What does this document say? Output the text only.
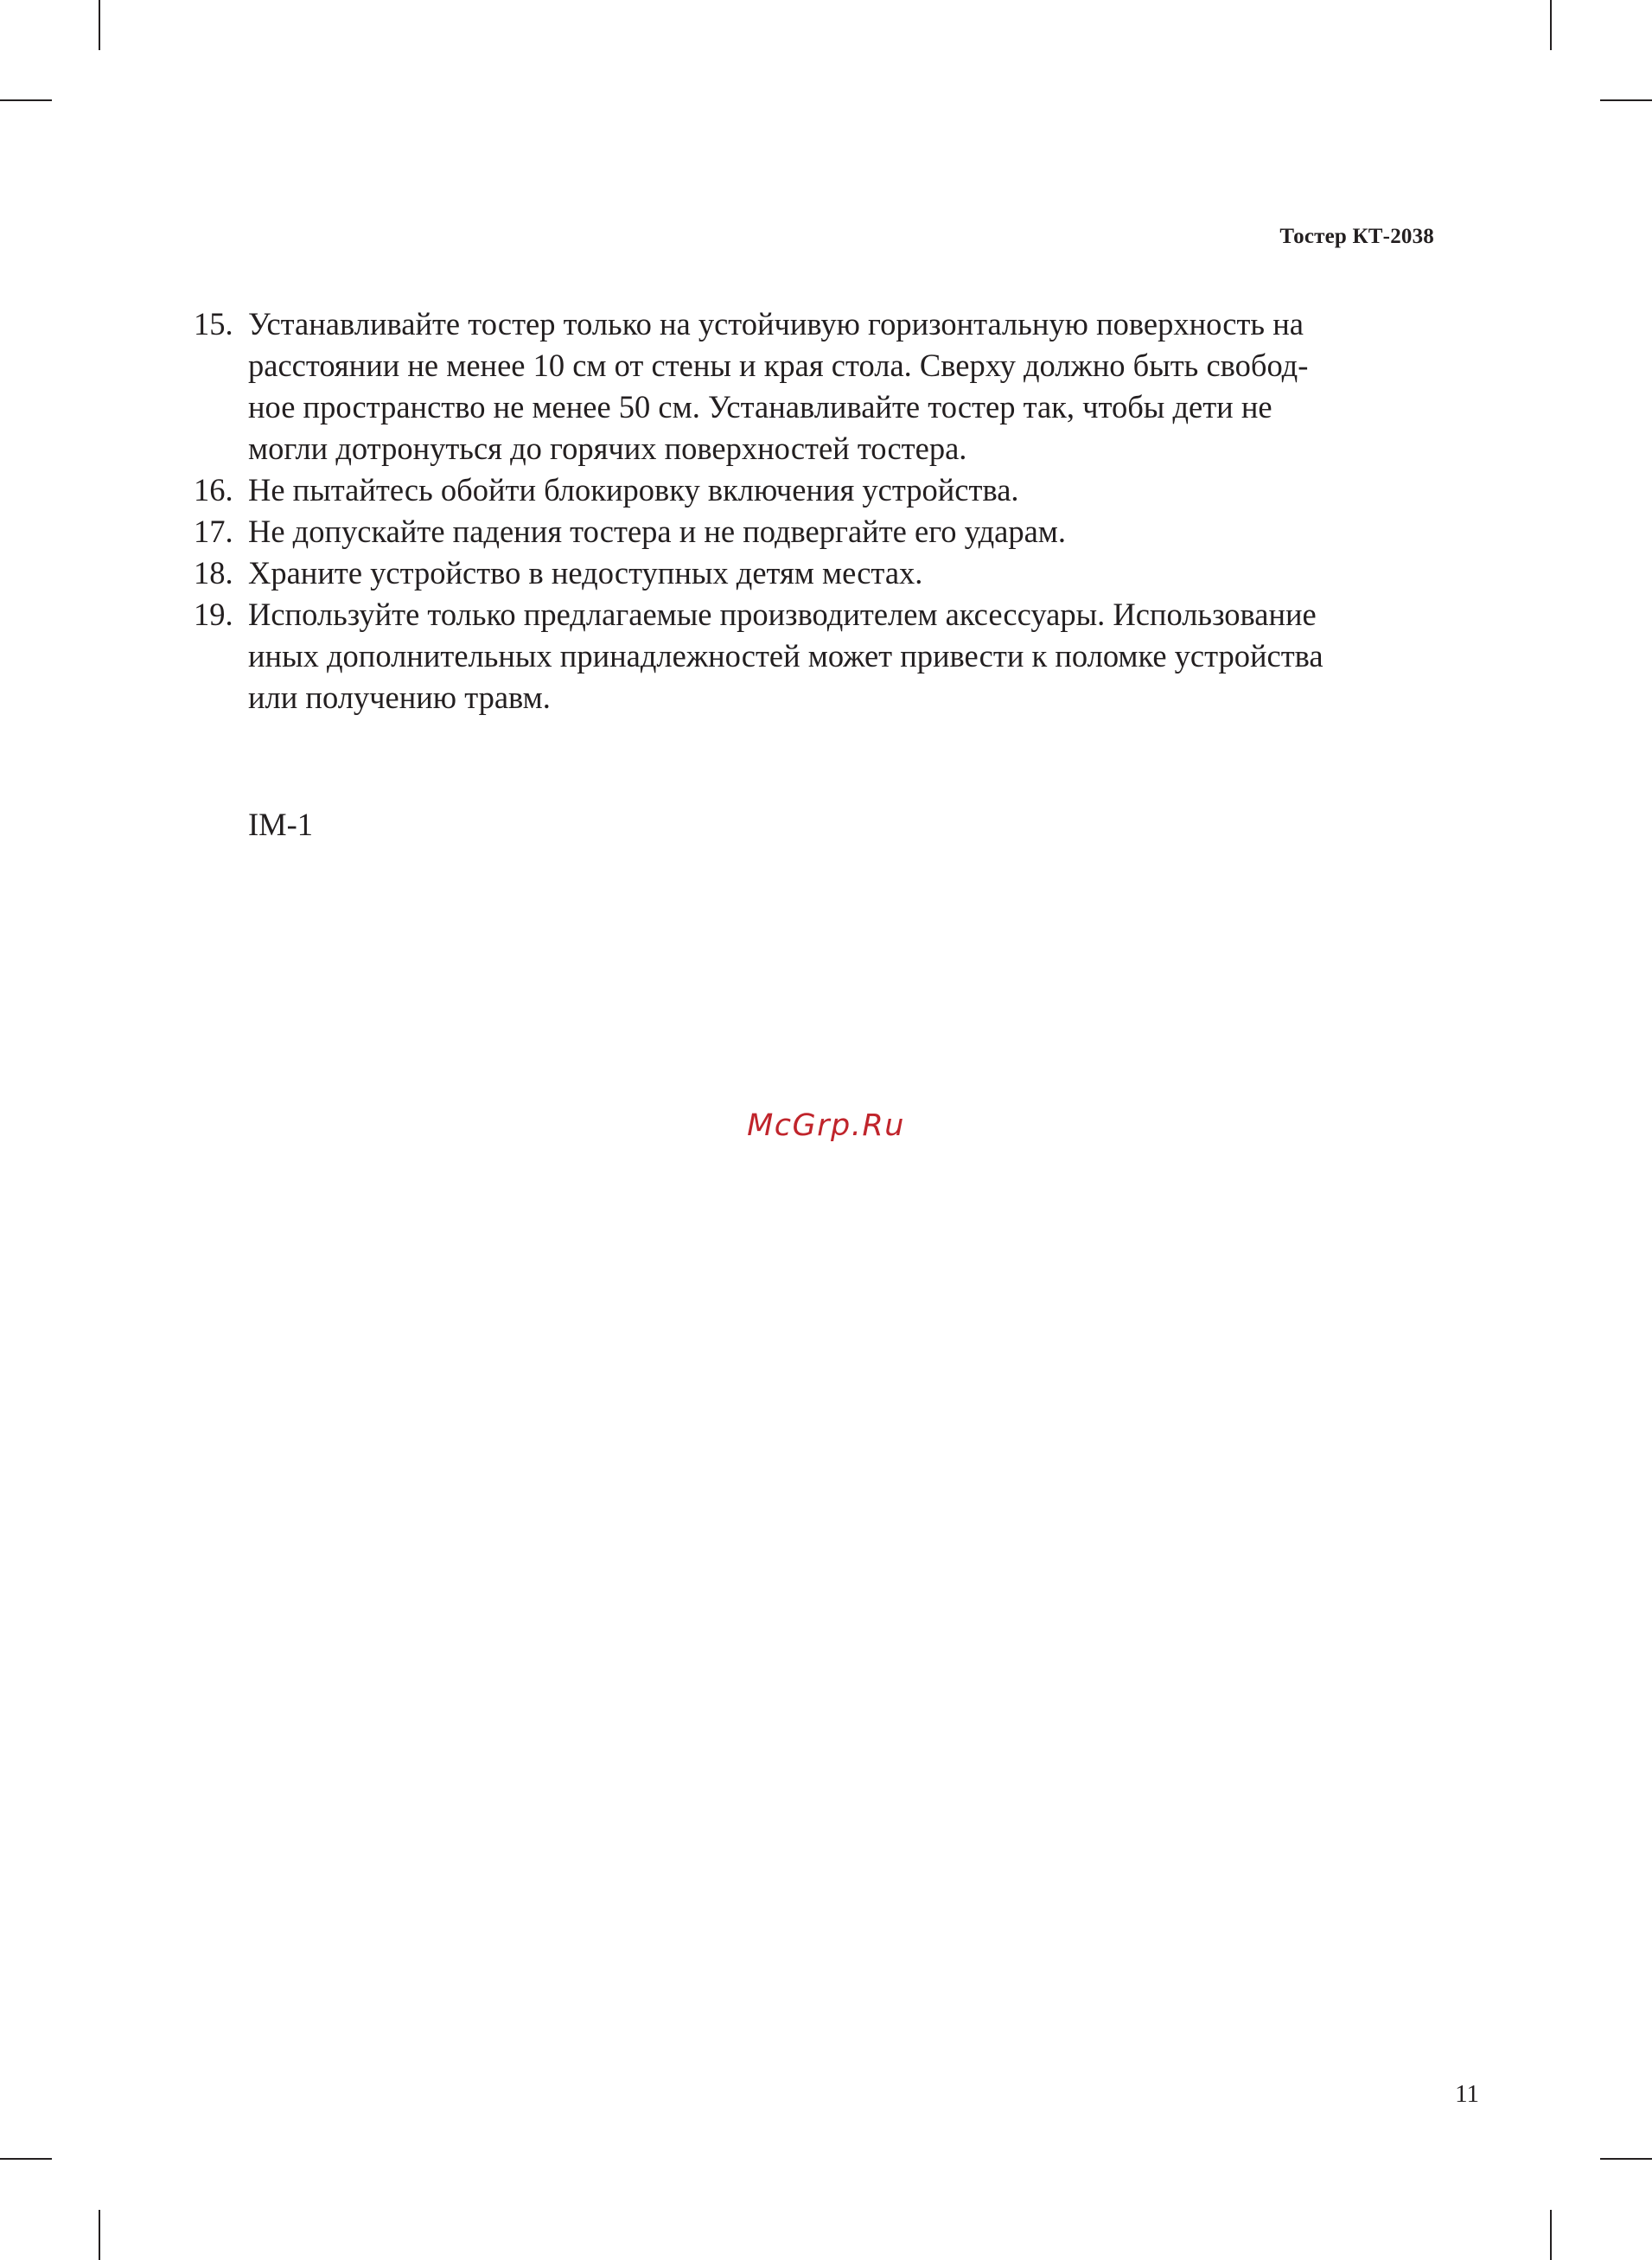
Тостер КТ-2038
15. Устанавливайте тостер только на устойчивую горизонтальную поверхность на
расстоянии не менее 10 см от стены и края стола. Сверху должно быть свобод-
ное пространство не менее 50 см. Устанавливайте тостер так, чтобы дети не
могли дотронуться до горячих поверхностей тостера.
16. Не пытайтесь обойти блокировку включения устройства.
17. Не допускайте падения тостера и не подвергайте его ударам.
18. Храните устройство в недоступных детям местах.
19. Используйте только предлагаемые производителем аксессуары. Использование
иных дополнительных принадлежностей может привести к поломке устройства
или получению травм.
IM-1
McGrp.Ru
11
